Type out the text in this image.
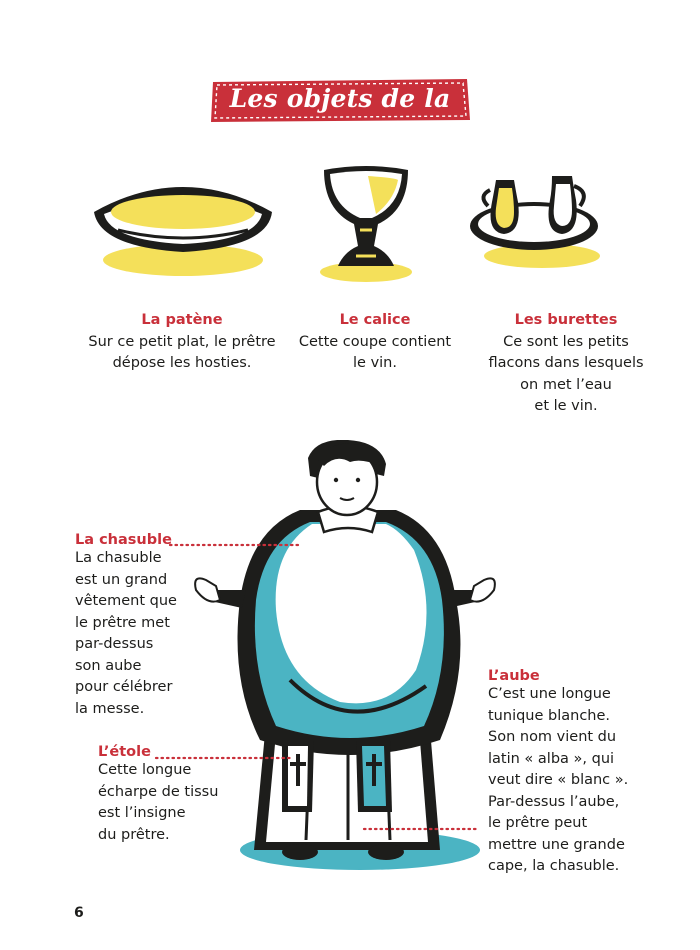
Les objets de la messe
La patène
Sur ce petit plat, le prêtre
dépose les hosties.
Le calice
Cette coupe contient
le vin.
Les burettes
Ce sont les petits
flacons dans lesquels
on met l’eau
et le vin.
La chasuble
La chasuble
est un grand
vêtement que
le prêtre met
par-dessus
son aube
pour célébrer
la messe.
L’étole
Cette longue
écharpe de tissu
est l’insigne
du prêtre.
L’aube
C’est une longue
tunique blanche.
Son nom vient du
latin « alba », qui
veut dire « blanc ».
Par-dessus l’aube,
le prêtre peut
mettre une grande
cape, la chasuble.
6
